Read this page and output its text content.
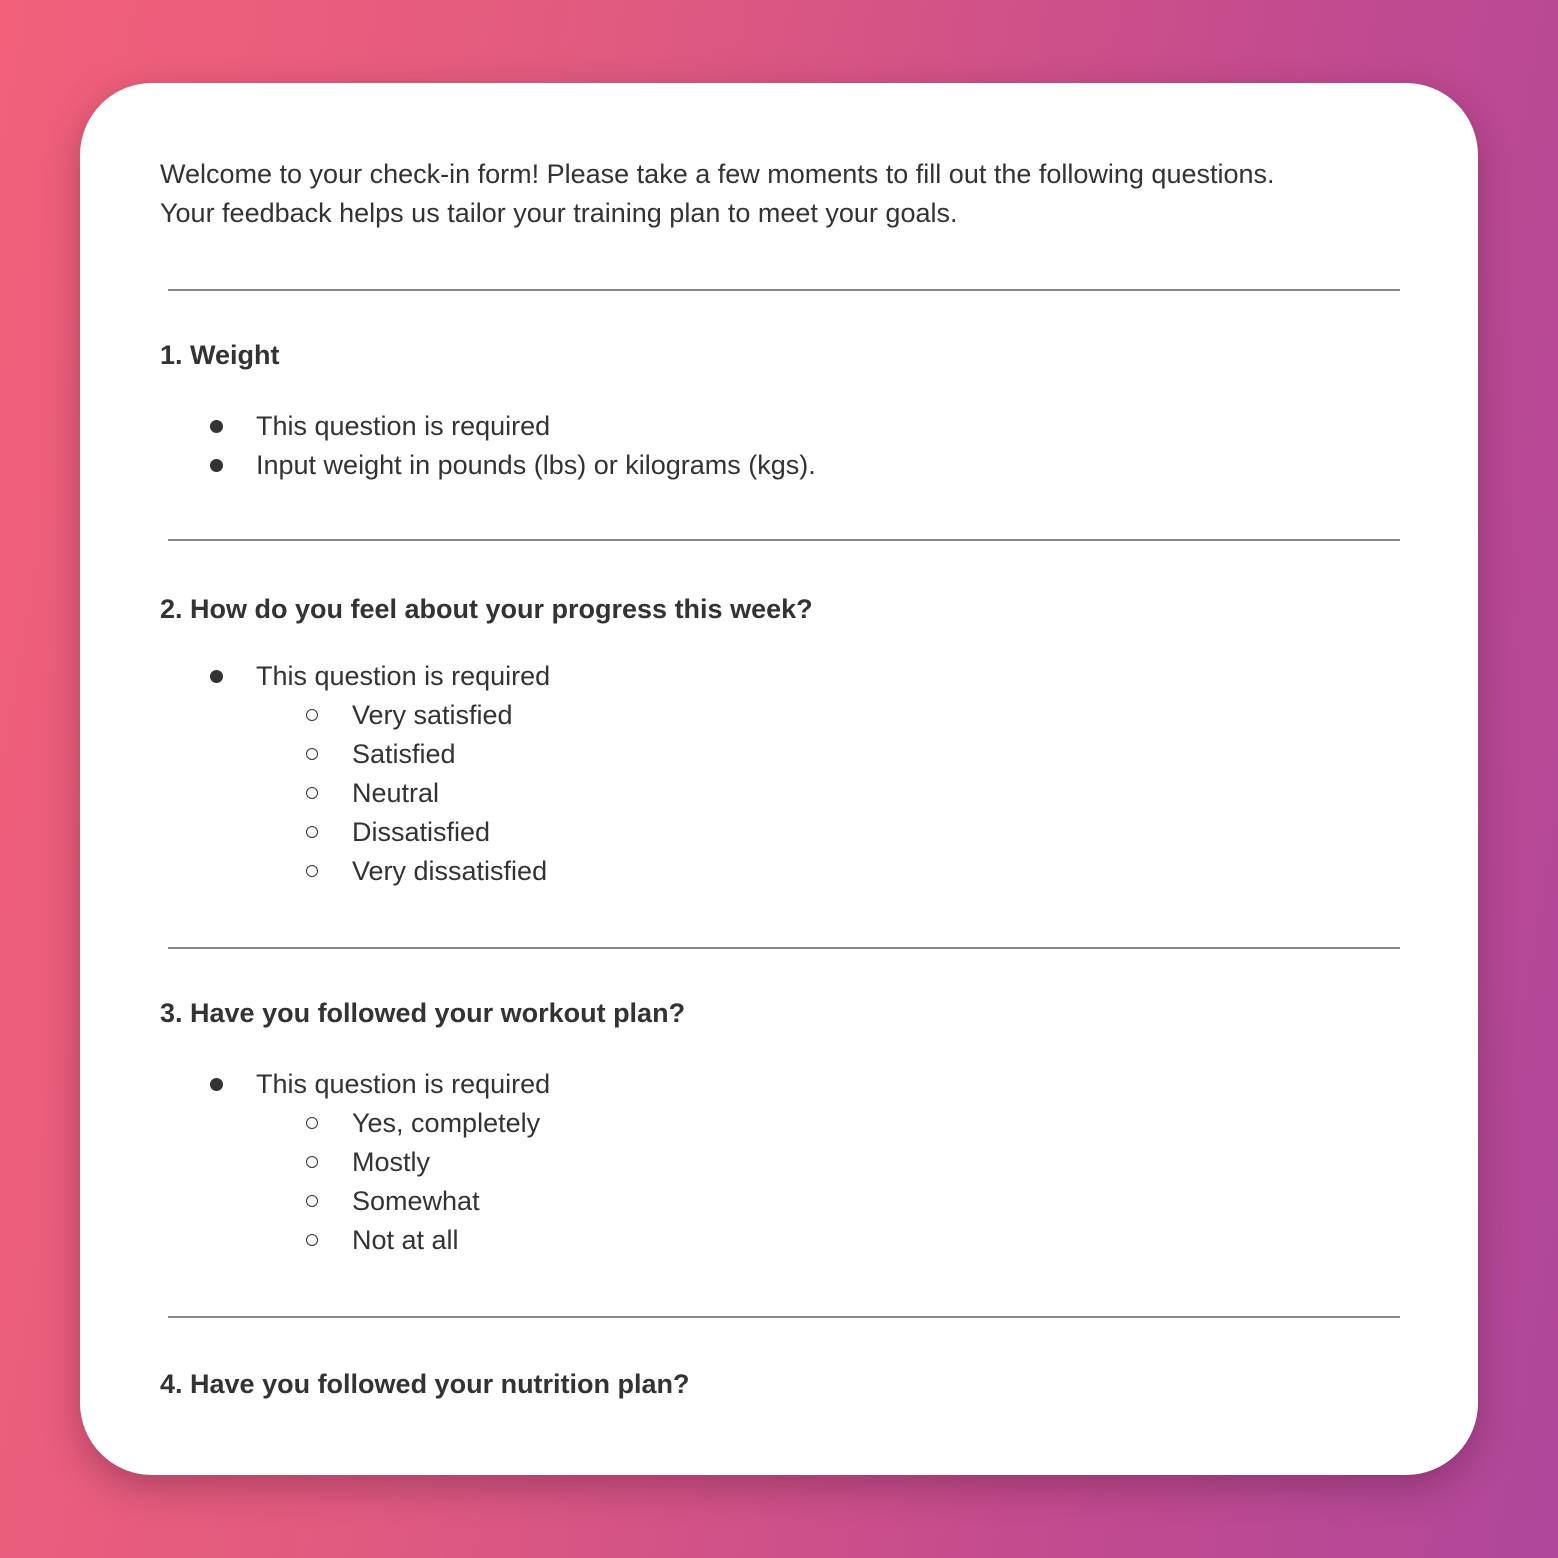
Welcome to your check-in form! Please take a few moments to fill out the following questions.
Your feedback helps us tailor your training plan to meet your goals.

1. Weight
This question is required
Input weight in pounds (lbs) or kilograms (kgs).
2. How do you feel about your progress this week?
This question is required
Very satisfied
Satisfied
Neutral
Dissatisfied
Very dissatisfied
3. Have you followed your workout plan?
This question is required
Yes, completely
Mostly
Somewhat
Not at all
4. Have you followed your nutrition plan?
